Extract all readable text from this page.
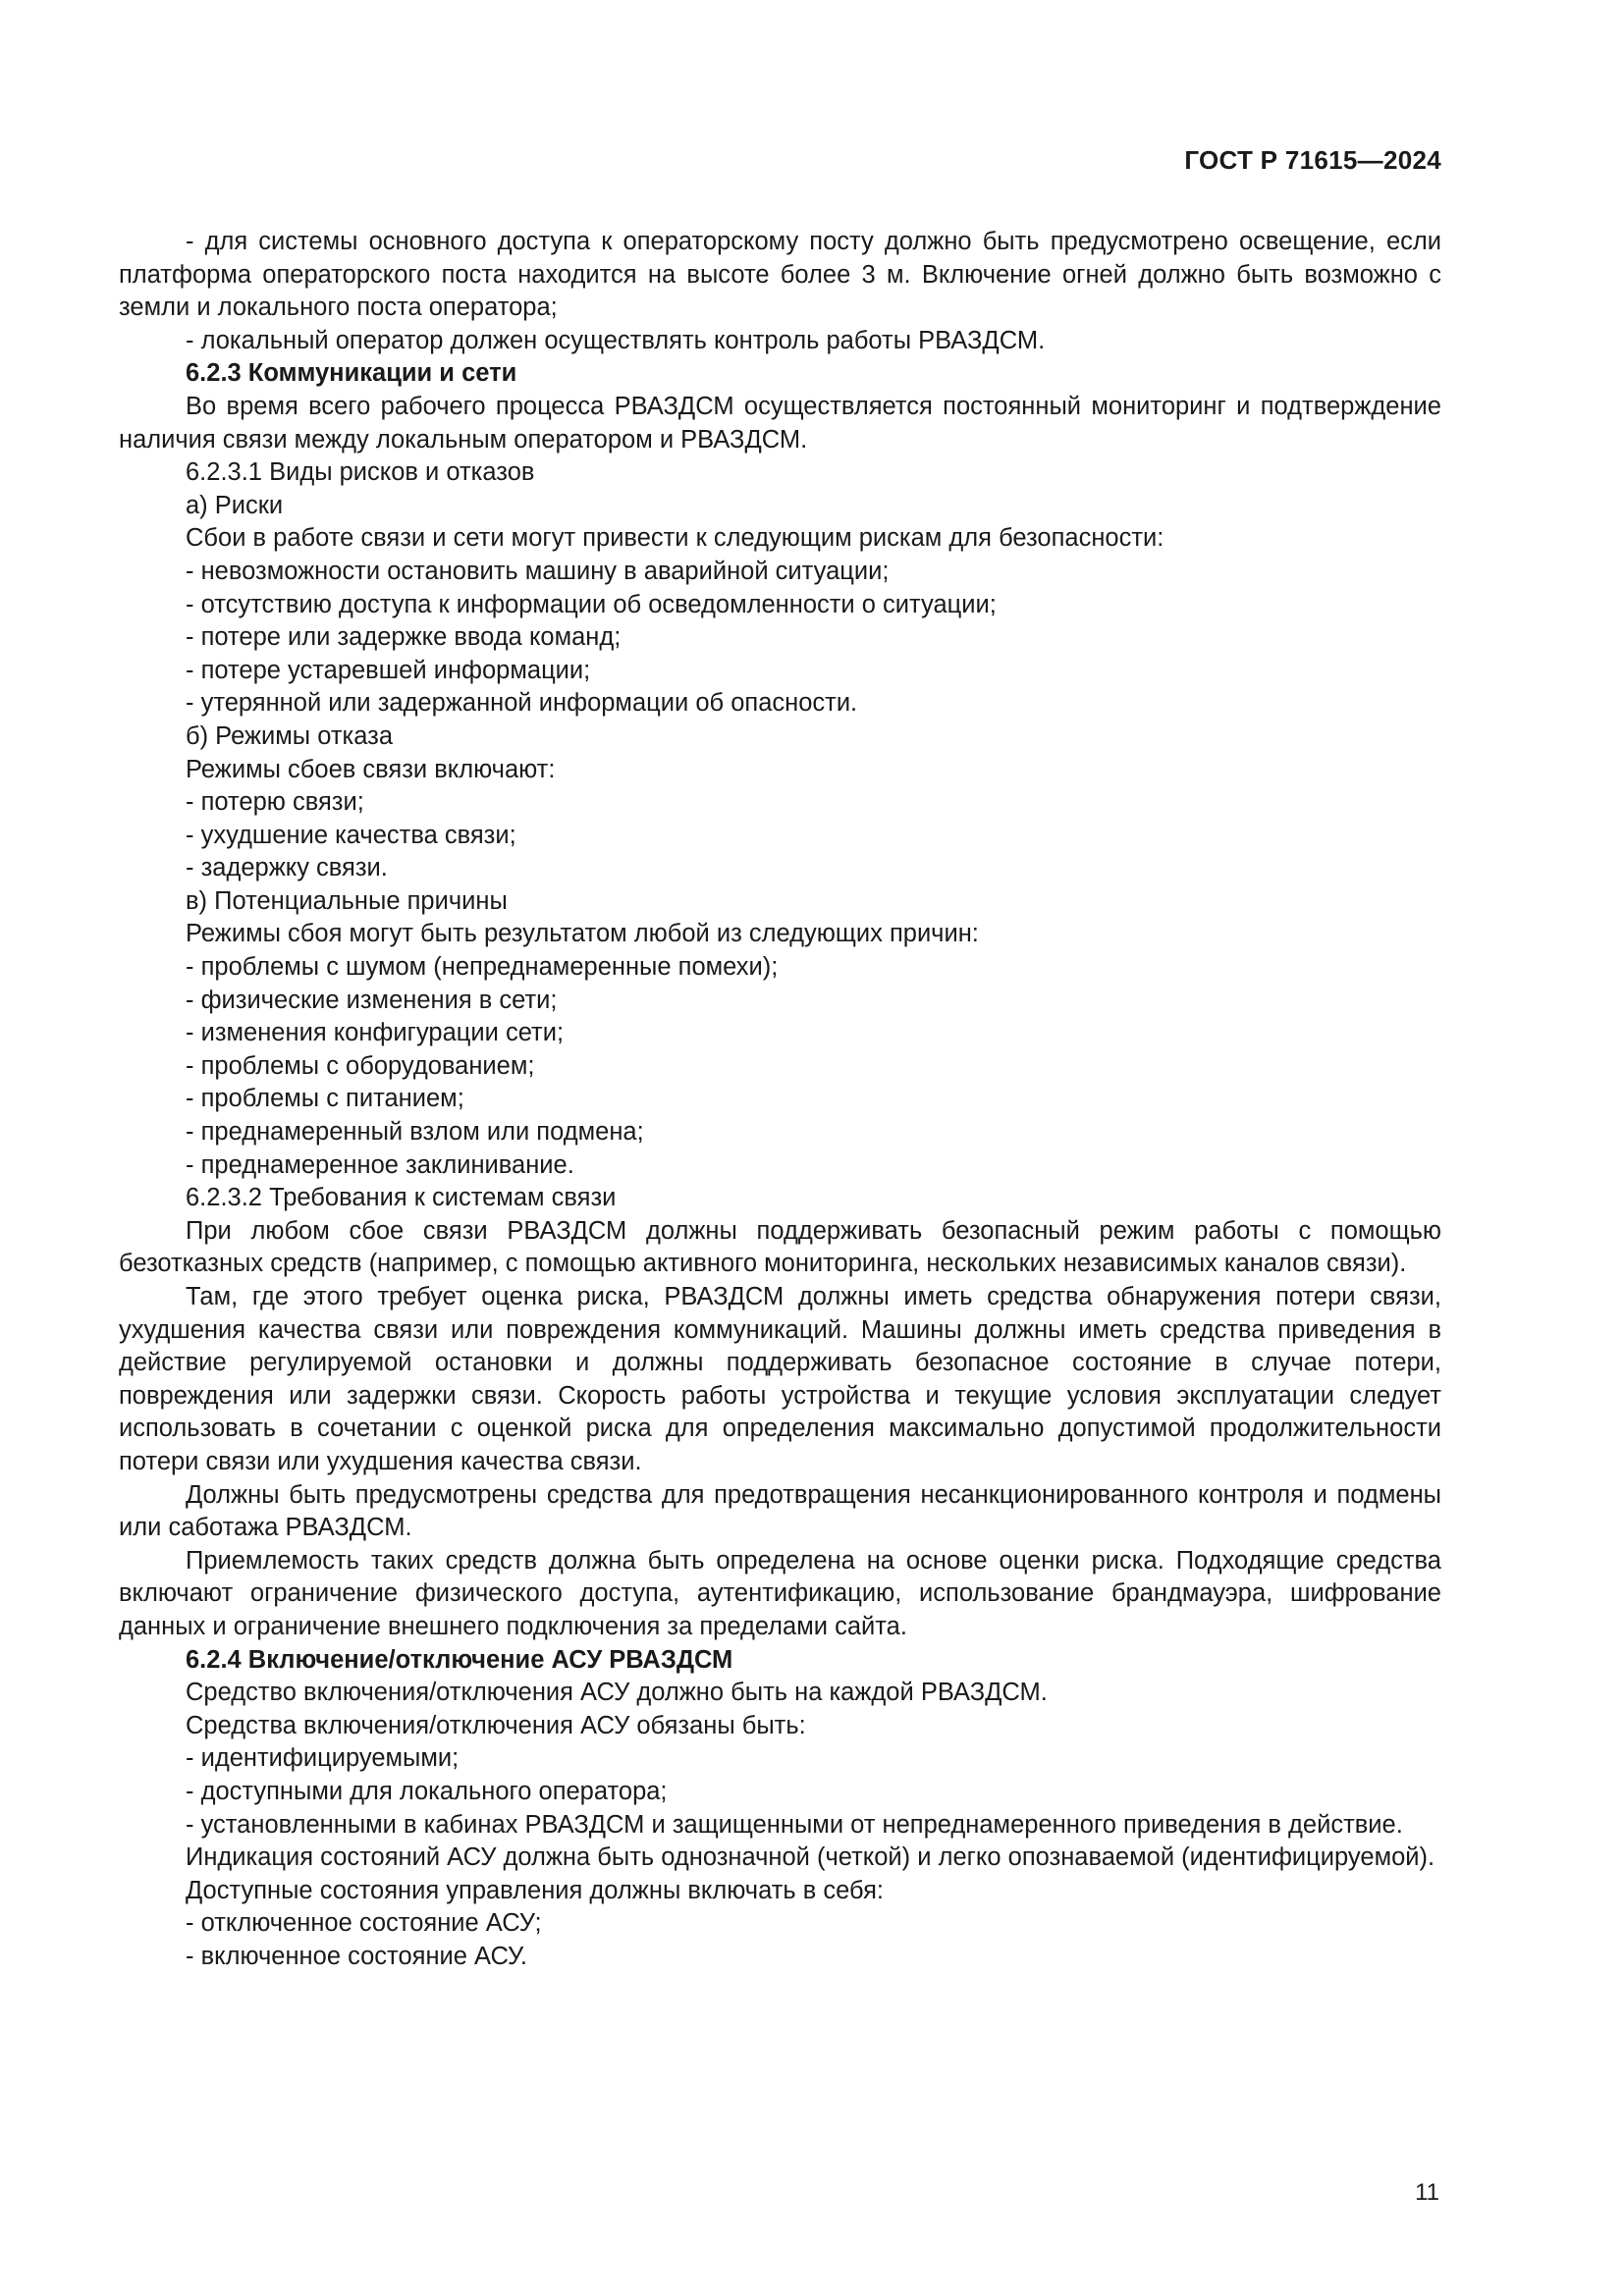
ГОСТ Р 71615—2024

- для системы основного доступа к операторскому посту должно быть предусмотрено освещение, если платформа операторского поста находится на высоте более 3 м. Включение огней должно быть возможно с земли и локального поста оператора;

- локальный оператор должен осуществлять контроль работы РВАЗДСМ.

6.2.3 Коммуникации и сети

Во время всего рабочего процесса РВАЗДСМ осуществляется постоянный мониторинг и подтверждение наличия связи между локальным оператором и РВАЗДСМ.

6.2.3.1 Виды рисков и отказов

а) Риски

Сбои в работе связи и сети могут привести к следующим рискам для безопасности:

- невозможности остановить машину в аварийной ситуации;

- отсутствию доступа к информации об осведомленности о ситуации;

- потере или задержке ввода команд;

- потере устаревшей информации;

- утерянной или задержанной информации об опасности.

б) Режимы отказа

Режимы сбоев связи включают:

- потерю связи;

- ухудшение качества связи;

- задержку связи.

в) Потенциальные причины

Режимы сбоя могут быть результатом любой из следующих причин:

- проблемы с шумом (непреднамеренные помехи);

- физические изменения в сети;

- изменения конфигурации сети;

- проблемы с оборудованием;

- проблемы с питанием;

- преднамеренный взлом или подмена;

- преднамеренное заклинивание.

6.2.3.2 Требования к системам связи

При любом сбое связи РВАЗДСМ должны поддерживать безопасный режим работы с помощью безотказных средств (например, с помощью активного мониторинга, нескольких независимых каналов связи).

Там, где этого требует оценка риска, РВАЗДСМ должны иметь средства обнаружения потери связи, ухудшения качества связи или повреждения коммуникаций. Машины должны иметь средства приведения в действие регулируемой остановки и должны поддерживать безопасное состояние в случае потери, повреждения или задержки связи. Скорость работы устройства и текущие условия эксплуатации следует использовать в сочетании с оценкой риска для определения максимально допустимой продолжительности потери связи или ухудшения качества связи.

Должны быть предусмотрены средства для предотвращения несанкционированного контроля и подмены или саботажа РВАЗДСМ.

Приемлемость таких средств должна быть определена на основе оценки риска. Подходящие средства включают ограничение физического доступа, аутентификацию, использование брандмауэра, шифрование данных и ограничение внешнего подключения за пределами сайта.

6.2.4 Включение/отключение АСУ РВАЗДСМ

Средство включения/отключения АСУ должно быть на каждой РВАЗДСМ.

Средства включения/отключения АСУ обязаны быть:

- идентифицируемыми;

- доступными для локального оператора;

- установленными в кабинах РВАЗДСМ и защищенными от непреднамеренного приведения в действие.

Индикация состояний АСУ должна быть однозначной (четкой) и легко опознаваемой (идентифицируемой).

Доступные состояния управления должны включать в себя:

- отключенное состояние АСУ;

- включенное состояние АСУ.

11
